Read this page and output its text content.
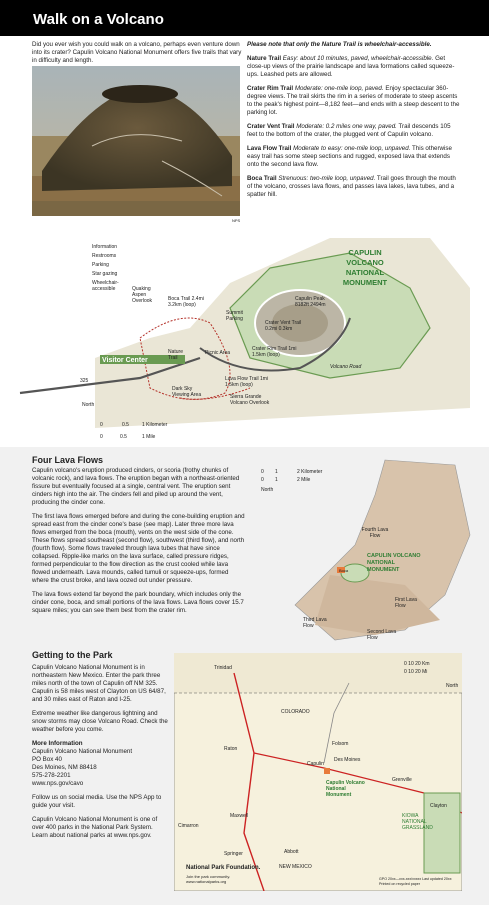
Walk on a Volcano
Did you ever wish you could walk on a volcano, perhaps even venture down into its crater? Capulin Volcano National Monument offers five trails that vary in difficulty and length.
NPS

Please note that only the Nature Trail is wheelchair-accessible.

Nature Trail Easy: about 10 minutes, paved, wheelchair-accessible. Get close-up views of the prairie landscape and lava formations called squeeze-ups. Leashed pets are allowed.

Crater Rim Trail Moderate: one-mile loop, paved. Enjoy spectacular 360-degree views. The trail skirts the rim in a series of moderate to steep ascents to the peak's highest point—8,182 feet—and ends with a steep descent to the parking lot.

Crater Vent Trail Moderate: 0.2 miles one way, paved. Trail descends 105 feet to the bottom of the crater, the plugged vent of Capulin volcano.

Lava Flow Trail Moderate to easy: one-mile loop, unpaved. This otherwise easy trail has some steep sections and rugged, exposed lava that extends onto the second lava flow.

Boca Trail Strenuous: two-mile loop, unpaved. Trail goes through the mouth of the volcano, crosses lava flows, and passes lava lakes, lava tubes, and a spatter hill.

Information
Restrooms
Parking
Star gazing
Wheelchair-accessible
CAPULIN VOLCANO NATIONAL MONUMENT
Visitor Center
Quaking Aspen Overlook	Boca Trail 2.4mi 3.2km (loop)
Summit Parking
Capulin Peak 8182ft 2494m
Crater Vent Trail 0.2mi 0.3km
Crater Rim Trail 1mi 1.5km (loop)
Picnic Area
Nature Trail
Lava Flow Trail 1mi 1.5km (loop)
Sierra Grande Volcano Overlook
Dark Sky Viewing Area
Volcano Road
325
North
0	0.5	1 Kilometer
0	0.5	1 Mile
Four Lava Flows

Capulin volcano's eruption produced cinders, or scoria (frothy chunks of volcanic rock), and lava flows. The eruption began with a northeast-oriented fissure but eventually focused at a single, central vent. The eruption sent cinders high into the air. The cinders fell and piled up around the vent, producing the cinder cone.

The first lava flows emerged before and during the cone-building eruption and spread east from the cinder cone's base (see map). Later three more lava flows emerged from the boca (mouth), vents on the west side of the cone. These flows spread southeast (second flow), southwest (third flow), and north (fourth flow). Some flows traveled through lava tubes that have since collapsed. Ripple-like marks on the lava surface, called pressure ridges, formed perpendicular to the flow direction as the crust cooled while lava flowed underneath. Lava mounds, called tumuli or squeeze-ups, formed where the crust broke, and lava oozed out under pressure.

The lava flows extend far beyond the park boundary, which includes only the cinder cone, boca, and small portions of the lava flows. Lava flows cover 15.7 square miles; you can see them best from the crater rim.

0 1	2 Kilometer
0 1	2 Mile
North
CAPULIN VOLCANO NATIONAL MONUMENT
Fourth Lava Flow
First Lava Flow
Third Lava Flow
Second Lava Flow
Boca
Getting to the Park

Capulin Volcano National Monument is in northeastern New Mexico. Enter the park three miles north of the town of Capulin off NM 325. Capulin is 58 miles west of Clayton on US 64/87, and 30 miles east of Raton and I-25.

Extreme weather like dangerous lightning and snow storms may close Volcano Road. Check the weather before you come.

More Information

Capulin Volcano National Monument
PO Box 40
Des Moines, NM 88418
575-278-2201
www.nps.gov/cavo

Follow us on social media. Use the NPS App to guide your visit.

Capulin Volcano National Monument is one of over 400 parks in the National Park System. Learn about national parks at www.nps.gov.

COLORADO
NEW MEXICO
Trinidad
Raton
Capulin
Capulin Volcano National Monument
Folsom
Des Moines
Grenville
Clayton
KIOWA NATIONAL GRASSLAND
Maxwell
Cimarron
Springer	Abbott
0 10 20 Km
0 10 20 Mi
North
National Park Foundation.
Join the park community. www.nationalparks.org	GPO 20xx—xxx-xxx/xxxxx Last updated 20xx Printed on recycled paper
